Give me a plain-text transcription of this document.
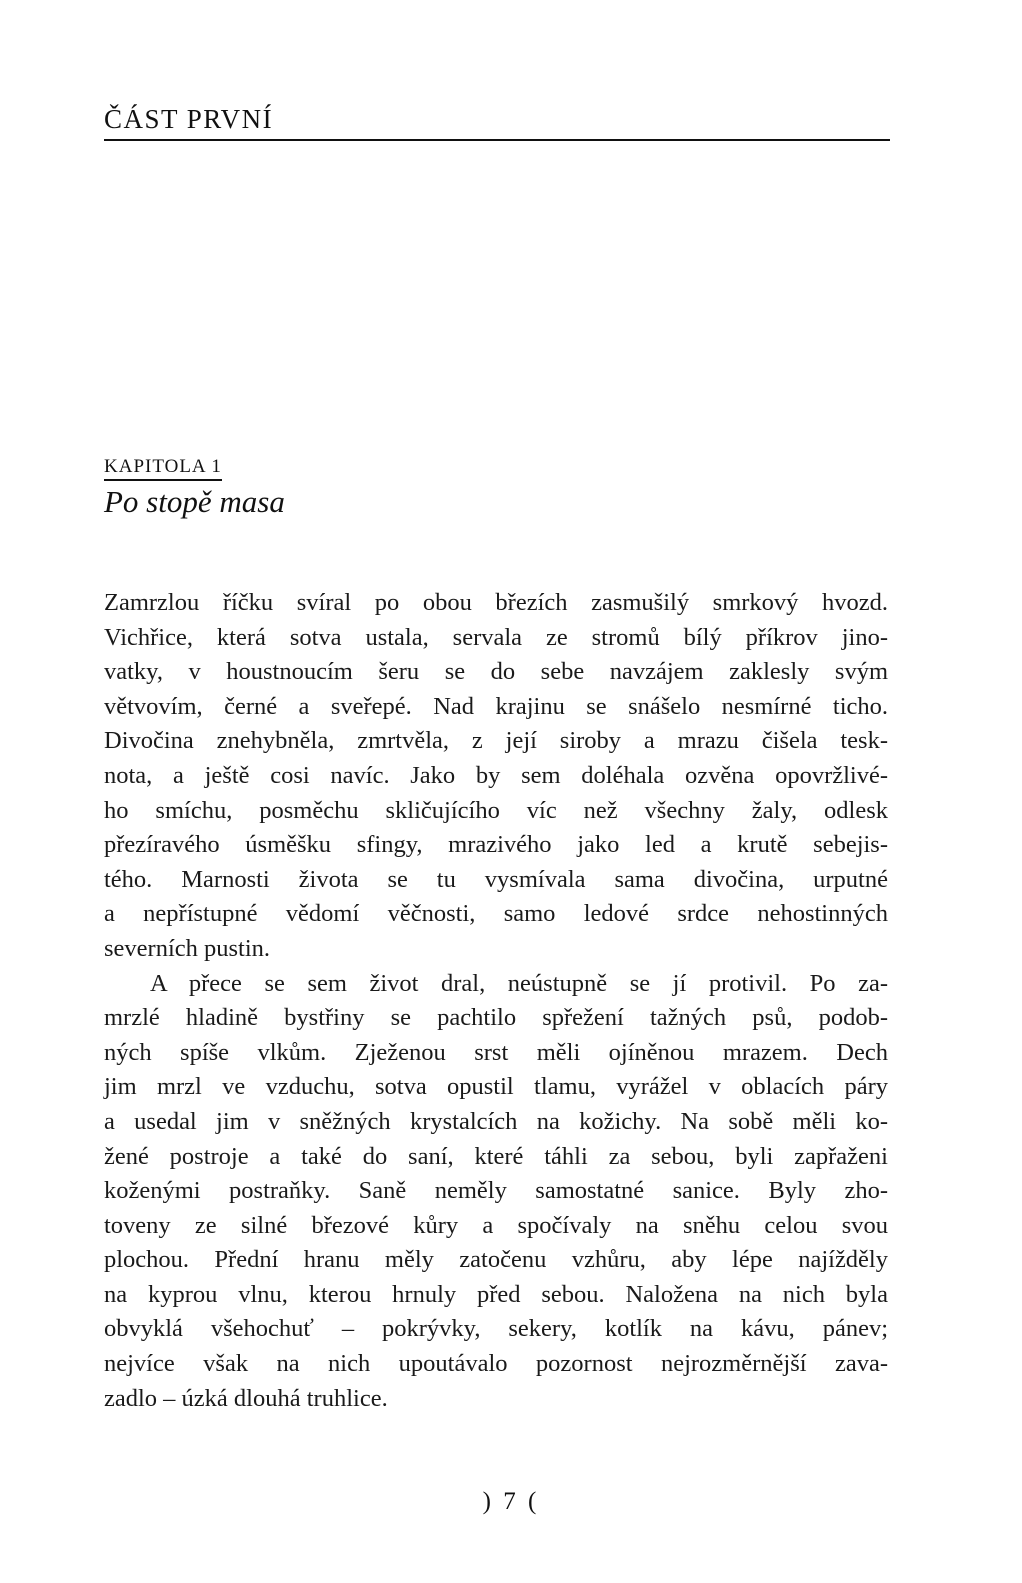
ČÁST PRVNÍ
KAPITOLA 1
Po stopě masa
Zamrzlou říčku svíral po obou březích zasmušilý smrkový hvozd.
Vichřice, která sotva ustala, servala ze stromů bílý příkrov jino-
vatky, v houstnoucím šeru se do sebe navzájem zaklesly svým
větvovím, černé a sveřepé. Nad krajinu se snášelo nesmírné ticho.
Divočina znehybněla, zmrtvěla, z její siroby a mrazu čišela tesk-
nota, a ještě cosi navíc. Jako by sem doléhala ozvěna opovržlivé-
ho smíchu, posměchu skličujícího víc než všechny žaly, odlesk
přezíravého úsměšku sfingy, mrazivého jako led a krutě sebejis-
tého. Marnosti života se tu vysmívala sama divočina, urputné
a nepřístupné vědomí věčnosti, samo ledové srdce nehostinných
severních pustin.
A přece se sem život dral, neústupně se jí protivil. Po za-
mrzlé hladině bystřiny se pachtilo spřežení tažných psů, podob-
ných spíše vlkům. Zježenou srst měli ojíněnou mrazem. Dech
jim mrzl ve vzduchu, sotva opustil tlamu, vyrážel v oblacích páry
a usedal jim v sněžných krystalcích na kožichy. Na sobě měli ko-
žené postroje a také do saní, které táhli za sebou, byli zapřaženi
koženými postraňky. Saně neměly samostatné sanice. Byly zho-
toveny ze silné březové kůry a spočívaly na sněhu celou svou
plochou. Přední hranu měly zatočenu vzhůru, aby lépe najížděly
na kyprou vlnu, kterou hrnuly před sebou. Naložena na nich byla
obvyklá všehochuť – pokrývky, sekery, kotlík na kávu, pánev;
nejvíce však na nich upoutávalo pozornost nejrozměrnější zava-
zadlo – úzká dlouhá truhlice.
) 7 (
